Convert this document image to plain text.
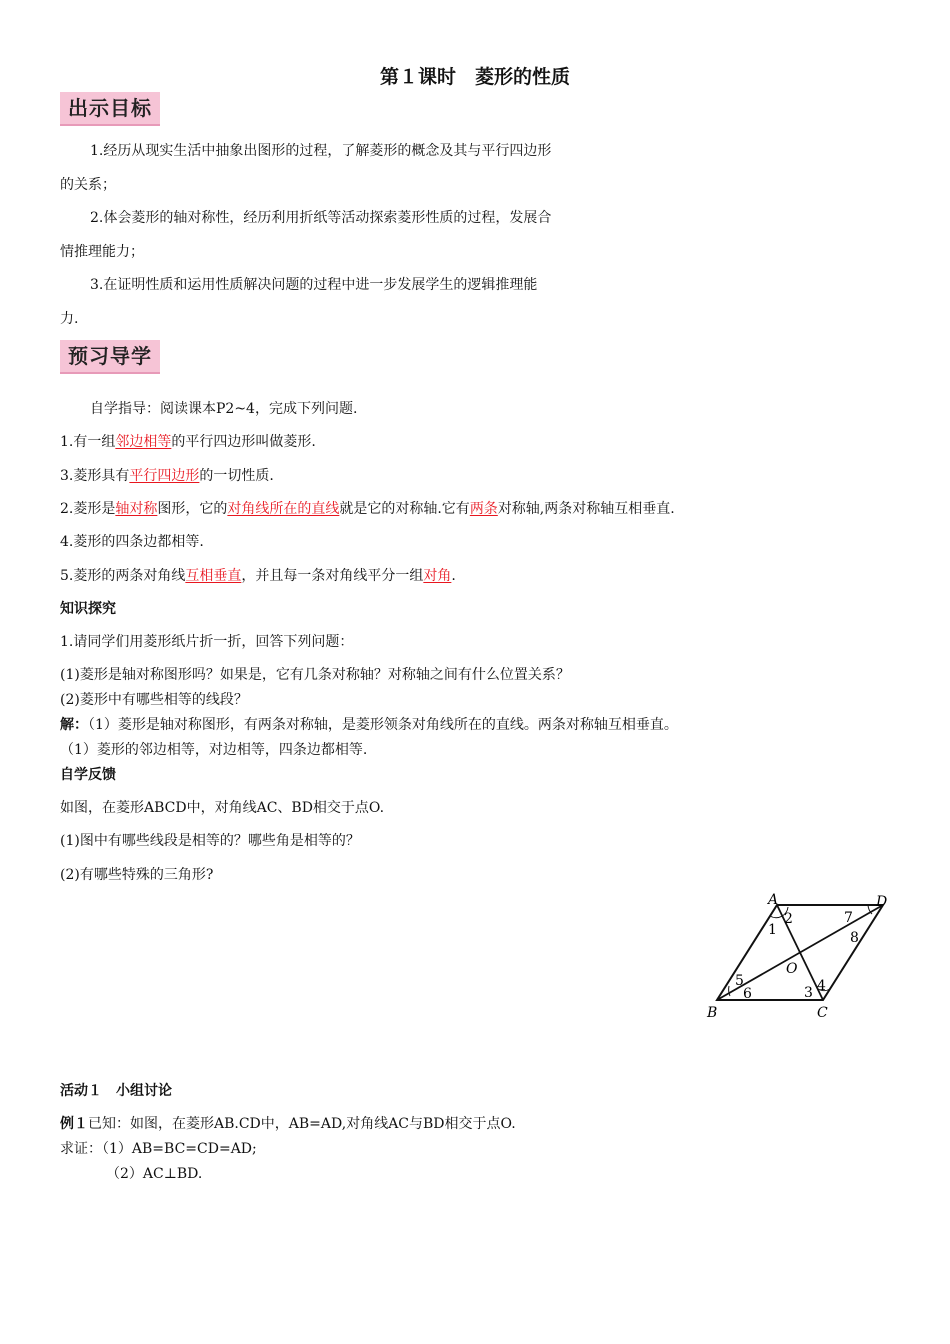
第１课时　菱形的性质
出示目标
1.经历从现实生活中抽象出图形的过程，了解菱形的概念及其与平行四边形
的关系；
2.体会菱形的轴对称性，经历利用折纸等活动探索菱形性质的过程，发展合
情推理能力；
3.在证明性质和运用性质解决问题的过程中进一步发展学生的逻辑推理能
力.
预习导学
自学指导：阅读课本P2~4，完成下列问题.
1.有一组邻边相等的平行四边形叫做菱形.
3.菱形具有平行四边形的一切性质.
2.菱形是轴对称图形，它的对角线所在的直线就是它的对称轴.它有两条对称轴,两条对称轴互相垂直.
4.菱形的四条边都相等.
5.菱形的两条对角线互相垂直，并且每一条对角线平分一组对角.
知识探究
1.请同学们用菱形纸片折一折，回答下列问题：
(1)菱形是轴对称图形吗？如果是，它有几条对称轴？对称轴之间有什么位置关系？
(2)菱形中有哪些相等的线段？
解：（1）菱形是轴对称图形，有两条对称轴，是菱形领条对角线所在的直线。两条对称轴互相垂直。
（1）菱形的邻边相等，对边相等，四条边都相等.
自学反馈
如图，在菱形ABCD中，对角线AC、BD相交于点O.
(1)图中有哪些线段是相等的？哪些角是相等的？
(2)有哪些特殊的三角形?
A	D
B	C
O
1
2
3 4
5
6
7
8
活动１　小组讨论
例１已知：如图，在菱形AB.CD中，AB=AD,对角线AC与BD相交于点O.
求证：（1）AB=BC=CD=AD;
（2）AC⊥BD.
